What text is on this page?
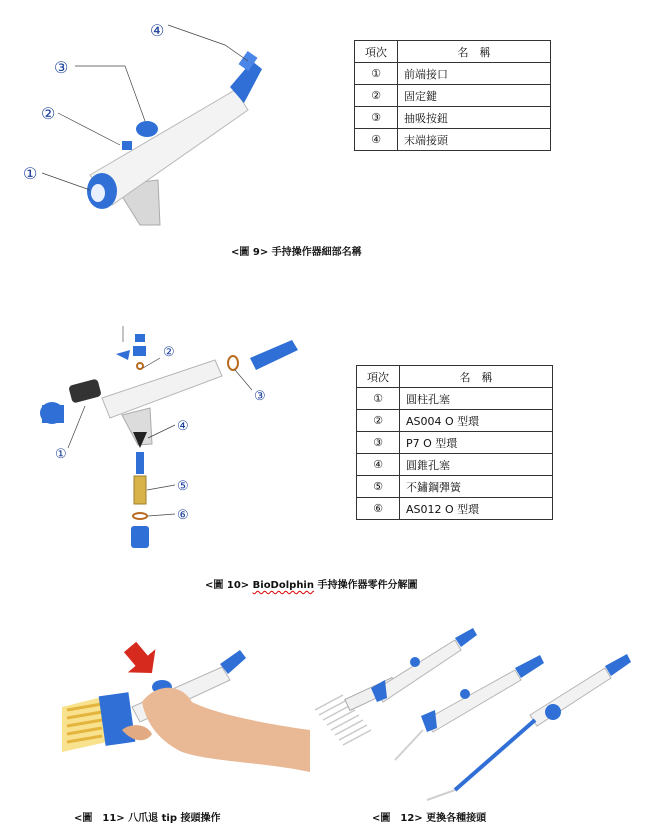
④
③
②
①
項次	名　稱
①	前端接口
②	固定鍵
③	抽吸按鈕
④	末端接頭
<圖 9> 手持操作器細部名稱
②
③
④
⑤
⑥
①
項次	名　稱
①	圓柱孔塞
②	AS004 O 型環
③	P7 O 型環
④	圓錐孔塞
⑤	不鏽鋼彈簧
⑥	AS012 O 型環
<圖 10> BioDolphin 手持操作器零件分解圖
<圖　11> 八爪退 tip 接頭操作	<圖　12> 更換各種接頭
